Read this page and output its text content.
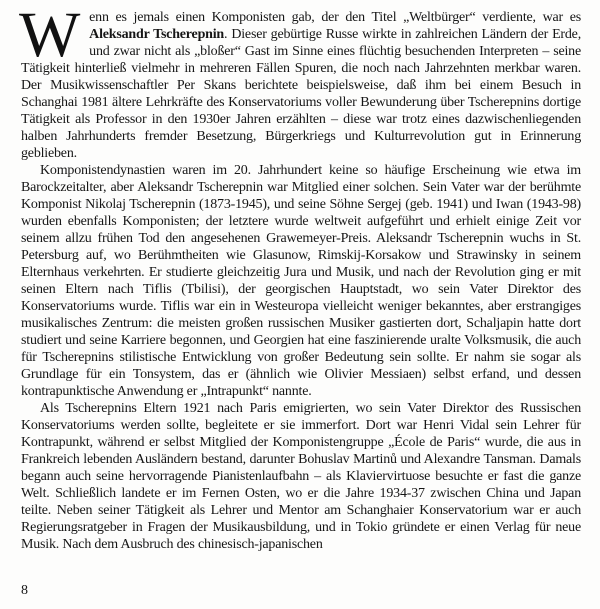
Wenn es jemals einen Komponisten gab, der den Titel „Weltbürger“ verdiente, war es Aleksandr Tscherepnin. Dieser gebürtige Russe wirkte in zahlreichen Ländern der Erde, und zwar nicht als „bloßer“ Gast im Sinne eines flüchtig besuchenden Interpreten – seine Tätigkeit hinterließ vielmehr in mehreren Fällen Spuren, die noch nach Jahrzehnten merkbar waren. Der Musikwissenschaftler Per Skans berichtete beispielsweise, daß ihm bei einem Besuch in Schanghai 1981 ältere Lehrkräfte des Konservatoriums voller Bewunderung über Tscherepnins dortige Tätigkeit als Professor in den 1930er Jahren erzählten – diese war trotz eines dazwischenliegenden halben Jahrhunderts fremder Besetzung, Bürgerkriegs und Kulturrevolution gut in Erinnerung geblieben.

Komponistendynastien waren im 20. Jahrhundert keine so häufige Erscheinung wie etwa im Barockzeitalter, aber Aleksandr Tscherepnin war Mitglied einer solchen. Sein Vater war der berühmte Komponist Nikolaj Tscherepnin (1873-1945), und seine Söhne Sergej (geb. 1941) und Iwan (1943-98) wurden ebenfalls Komponisten; der letztere wurde weltweit aufgeführt und erhielt einige Zeit vor seinem allzu frühen Tod den angesehenen Grawemeyer-Preis. Aleksandr Tscherepnin wuchs in St. Petersburg auf, wo Berühmtheiten wie Glasunow, Rimskij-Korsakow und Strawinsky in seinem Elternhaus verkehrten. Er studierte gleichzeitig Jura und Musik, und nach der Revolution ging er mit seinen Eltern nach Tiflis (Tbilisi), der georgischen Hauptstadt, wo sein Vater Direktor des Konservatoriums wurde. Tiflis war ein in Westeuropa vielleicht weniger bekanntes, aber erstrangiges musikalisches Zentrum: die meisten großen russischen Musiker gastierten dort, Schaljapin hatte dort studiert und seine Karriere begonnen, und Georgien hat eine faszinierende uralte Volksmusik, die auch für Tscherepnins stilistische Entwicklung von großer Bedeutung sein sollte. Er nahm sie sogar als Grundlage für ein Tonsystem, das er (ähnlich wie Olivier Messiaen) selbst erfand, und dessen kontrapunktische Anwendung er „Intrapunkt“ nannte.

Als Tscherepnins Eltern 1921 nach Paris emigrierten, wo sein Vater Direktor des Russischen Konservatoriums werden sollte, begleitete er sie immerfort. Dort war Henri Vidal sein Lehrer für Kontrapunkt, während er selbst Mitglied der Komponistengruppe „École de Paris“ wurde, die aus in Frankreich lebenden Ausländern bestand, darunter Bohuslav Martinů und Alexandre Tansman. Damals begann auch seine hervorragende Pianistenlaufbahn – als Klaviervirtuose besuchte er fast die ganze Welt. Schließlich landete er im Fernen Osten, wo er die Jahre 1934-37 zwischen China und Japan teilte. Neben seiner Tätigkeit als Lehrer und Mentor am Schanghaier Konservatorium war er auch Regierungsratgeber in Fragen der Musikausbildung, und in Tokio gründete er einen Verlag für neue Musik. Nach dem Ausbruch des chinesisch-japanischen

8
